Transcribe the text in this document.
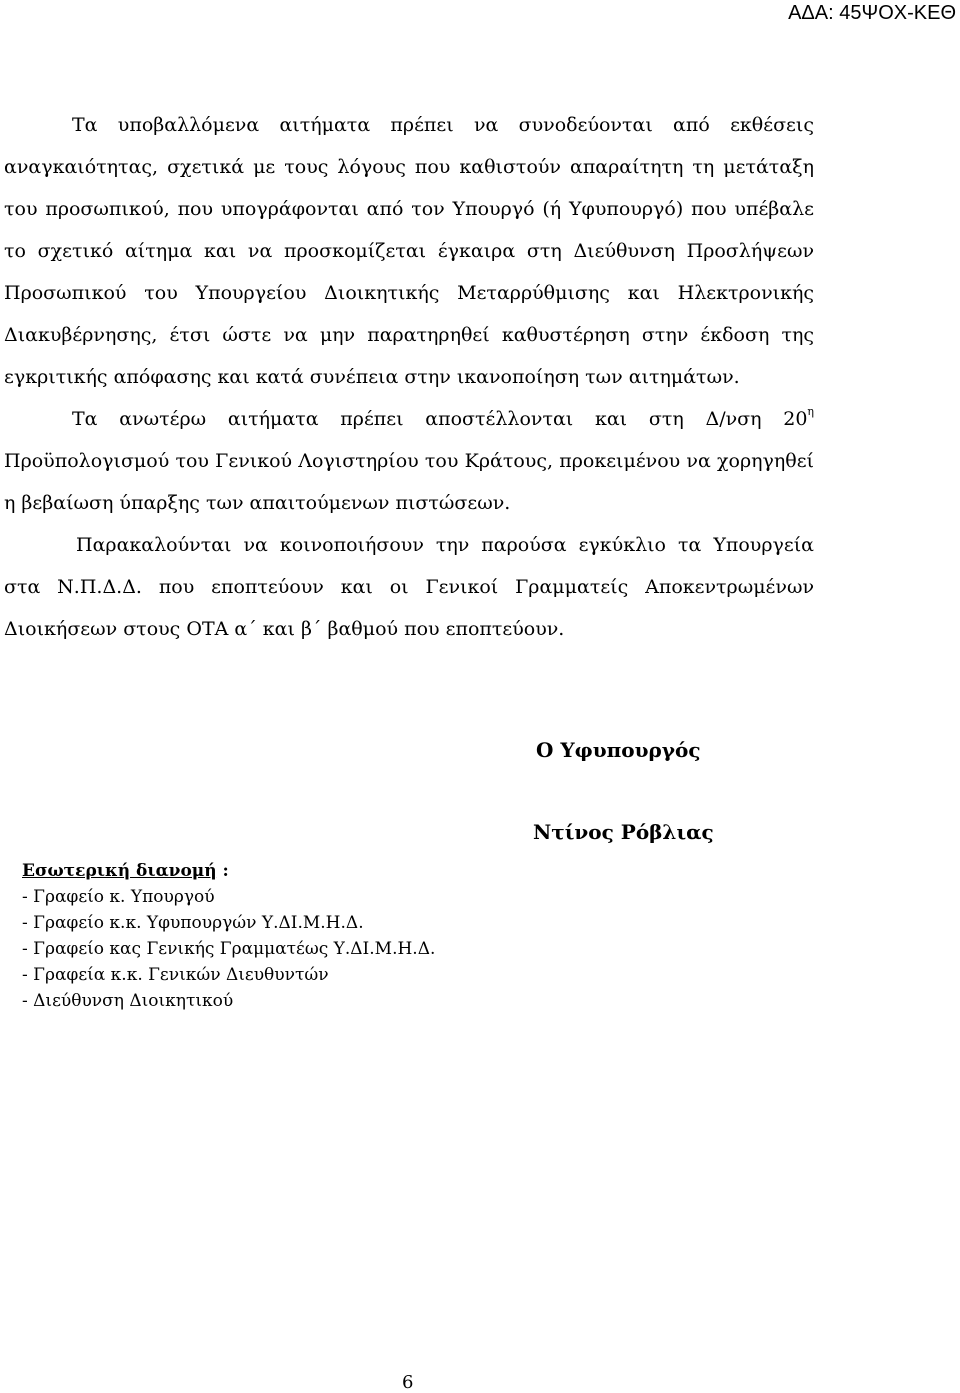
ΑΔΑ: 45ΨΟΧ-ΚΕΘ

Τα υποβαλλόμενα αιτήματα πρέπει να συνοδεύονται από εκθέσεις αναγκαιότητας, σχετικά με τους λόγους που καθιστούν απαραίτητη τη μετάταξη του προσωπικού, που υπογράφονται από τον Υπουργό (ή Υφυπουργό) που υπέβαλε το σχετικό αίτημα και να προσκομίζεται έγκαιρα στη Διεύθυνση Προσλήψεων Προσωπικού του Υπουργείου Διοικητικής Μεταρρύθμισης και Ηλεκτρονικής Διακυβέρνησης, έτσι ώστε να μην παρατηρηθεί καθυστέρηση στην έκδοση της εγκριτικής απόφασης και κατά συνέπεια στην ικανοποίηση των αιτημάτων.

Τα ανωτέρω αιτήματα πρέπει αποστέλλονται και στη Δ/νση $20^\eta$ Προϋπολογισμού του Γενικού Λογιστηρίου του Κράτους, προκειμένου να χορηγηθεί η βεβαίωση ύπαρξης των απαιτούμενων πιστώσεων.

Παρακαλούνται να κοινοποιήσουν την παρούσα εγκύκλιο τα Υπουργεία στα Ν.Π.Δ.Δ. που εποπτεύουν και οι Γενικοί Γραμματείς Αποκεντρωμένων Διοικήσεων στους ΟΤΑ α΄ και β΄ βαθμού που εποπτεύουν.

Ο Υφυπουργός
Ντίνος Ρόβλιας
Εσωτερική διανομή :
- Γραφείο κ. Υπουργού
- Γραφείο κ.κ. Υφυπουργών Υ.ΔΙ.Μ.Η.Δ.
- Γραφείο κας Γενικής Γραμματέως Υ.ΔΙ.Μ.Η.Δ.
- Γραφεία κ.κ. Γενικών Διευθυντών
- Διεύθυνση Διοικητικού
6
